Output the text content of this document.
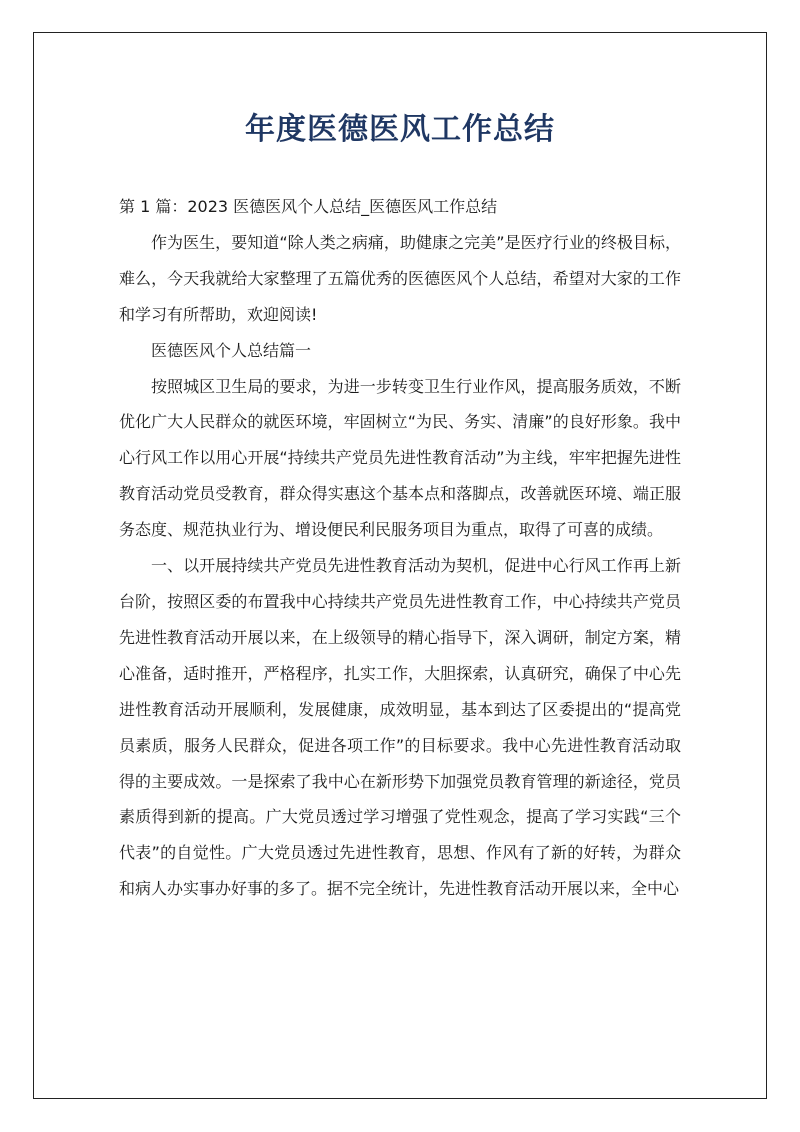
年度医德医风工作总结

第 1 篇：2023 医德医风个人总结_医德医风工作总结

作为医生，要知道“除人类之病痛，助健康之完美”是医疗行业的终极目标，难么，今天我就给大家整理了五篇优秀的医德医风个人总结，希望对大家的工作和学习有所帮助，欢迎阅读!

医德医风个人总结篇一

按照城区卫生局的要求，为进一步转变卫生行业作风，提高服务质效，不断优化广大人民群众的就医环境，牢固树立“为民、务实、清廉”的良好形象。我中心行风工作以用心开展“持续共产党员先进性教育活动”为主线，牢牢把握先进性教育活动党员受教育，群众得实惠这个基本点和落脚点，改善就医环境、端正服务态度、规范执业行为、增设便民利民服务项目为重点，取得了可喜的成绩。

一、以开展持续共产党员先进性教育活动为契机，促进中心行风工作再上新台阶，按照区委的布置我中心持续共产党员先进性教育工作，中心持续共产党员先进性教育活动开展以来，在上级领导的精心指导下，深入调研，制定方案，精心准备，适时推开，严格程序，扎实工作，大胆探索，认真研究，确保了中心先进性教育活动开展顺利，发展健康，成效明显，基本到达了区委提出的“提高党员素质，服务人民群众，促进各项工作”的目标要求。我中心先进性教育活动取得的主要成效。一是探索了我中心在新形势下加强党员教育管理的新途径，党员素质得到新的提高。广大党员透过学习增强了党性观念，提高了学习实践“三个代表”的自觉性。广大党员透过先进性教育，思想、作风有了新的好转，为群众和病人办实事办好事的多了。据不完全统计，先进性教育活动开展以来，全中心
